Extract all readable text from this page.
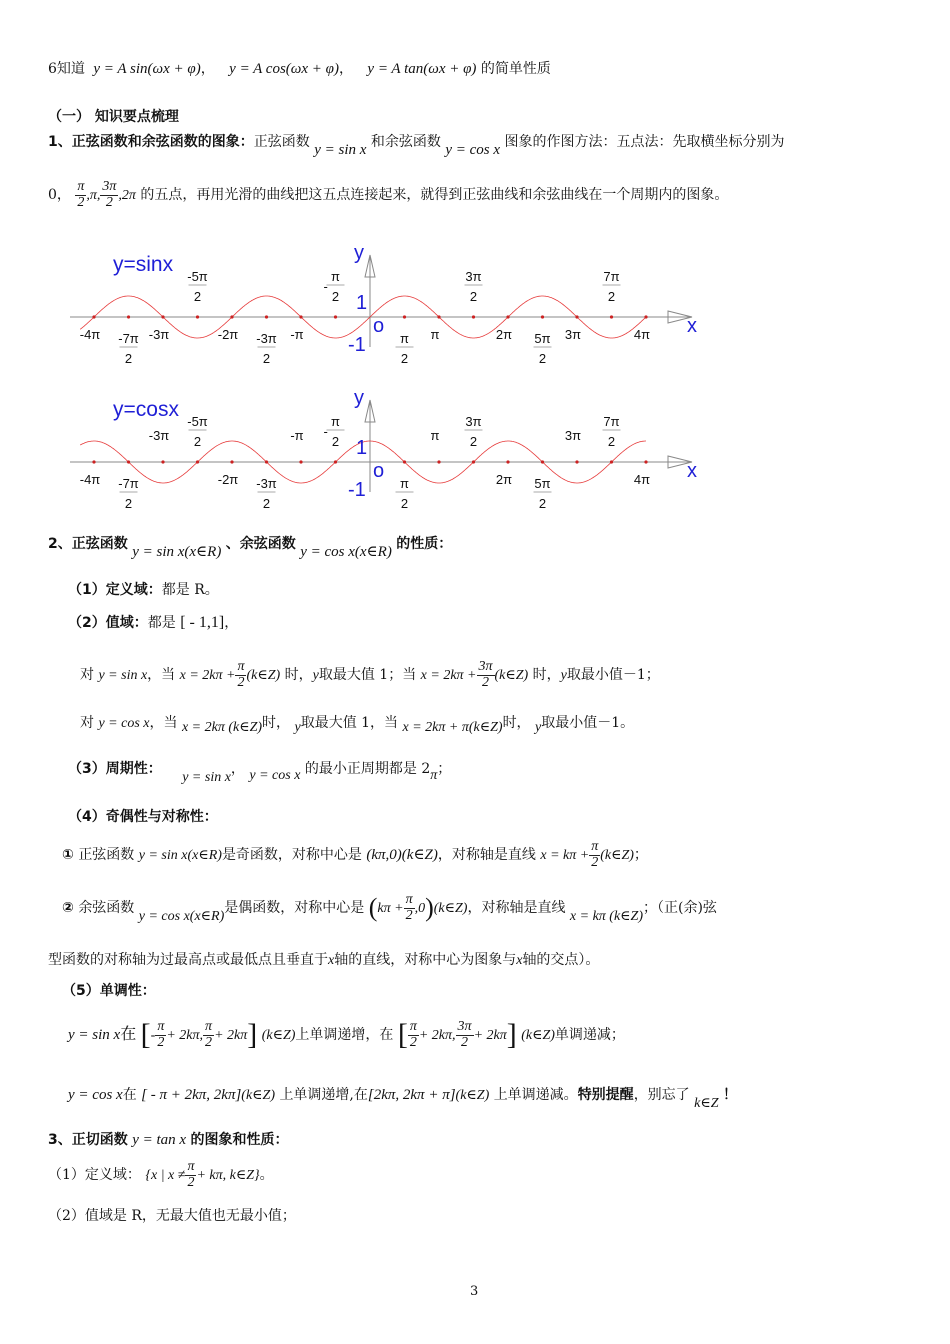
6知道 y = A sin(ωx + φ)， y = A cos(ωx + φ)， y = A tan(ωx + φ) 的简单性质
（一） 知识要点梳理
1、正弦函数和余弦函数的图象：正弦函数 y = sin x 和余弦函数 y = cos x 图象的作图方法：五点法：先取横坐标分别为
0， $\frac{\pi}{2} ,\pi$, $\frac{3\pi}{2} ,2\pi$ 的五点，再用光滑的曲线把这五点连接起来，就得到正弦曲线和余弦曲线在一个周期内的图象。
y=sinx	y
x
o
1
-1
-5π
2
-
π
2
3π
2
7π
2
-4π -7π
2
-3π	-2π -3π
2
-π	π
2
π	2π 5π
2
3π	4π
y=cosx	y
x
o
1
-1
-3π
-5π
2	-π -
π
2	π
3π
2	3π
7π
2
-4π -7π
2
-2π -3π
2
π
2
2π 5π
2
4π
2、正弦函数 y = sin x(x∈R) 、余弦函数 y = cos x(x∈R) 的性质：
（1）定义域：都是 R。
（2）值域：都是 [ - 1,1]，
对 y = sin x，当 $x = 2k\pi + \frac{\pi}{2}$ (k∈Z) 时，y取最大值 1；当 $x = 2k\pi + \frac{3\pi}{2}$ (k∈Z) 时，y取最小值－1；
对 y = cos x，当 x = 2kπ (k∈Z)时， y取最大值 1，当 x = 2kπ + π(k∈Z)时， y取最小值－1。
（3）周期性： y = sin x， y = cos x 的最小正周期都是 2π；
（4）奇偶性与对称性：
① 正弦函数 y = sin x(x∈R)是奇函数，对称中心是 (kπ,0)(k∈Z)，对称轴是直线 $x = k\pi + \frac{\pi}{2}$ (k∈Z)；
② 余弦函数 y = cos x(x∈R)是偶函数，对称中心是 ($k\pi + \frac{\pi}{2}$ ,0)(k∈Z)，对称轴是直线 x = kπ (k∈Z)；（正(余)弦
型函数的对称轴为过最高点或最低点且垂直于x轴的直线，对称中心为图象与x轴的交点）。
（5）单调性：
y = sin x在 [- $\frac{\pi}{2} + 2k\pi$, $\frac{\pi}{2} + 2k\pi$] (k∈Z)上单调递增，在 [ $\frac{\pi}{2} + 2k\pi$, $\frac{3\pi}{2} + 2k\pi$] (k∈Z)单调递减；
y = cos x在 [ - π + 2kπ, 2kπ](k∈Z) 上单调递增,在[2kπ, 2kπ + π](k∈Z) 上单调递减。特别提醒，别忘了 k∈Z ！
3、正切函数 y = tan x 的图象和性质：
（1）定义域： {x | $x \ne \frac{\pi}{2} + k\pi$, k∈Z}。
（2）值域是 R，无最大值也无最小值；
3
